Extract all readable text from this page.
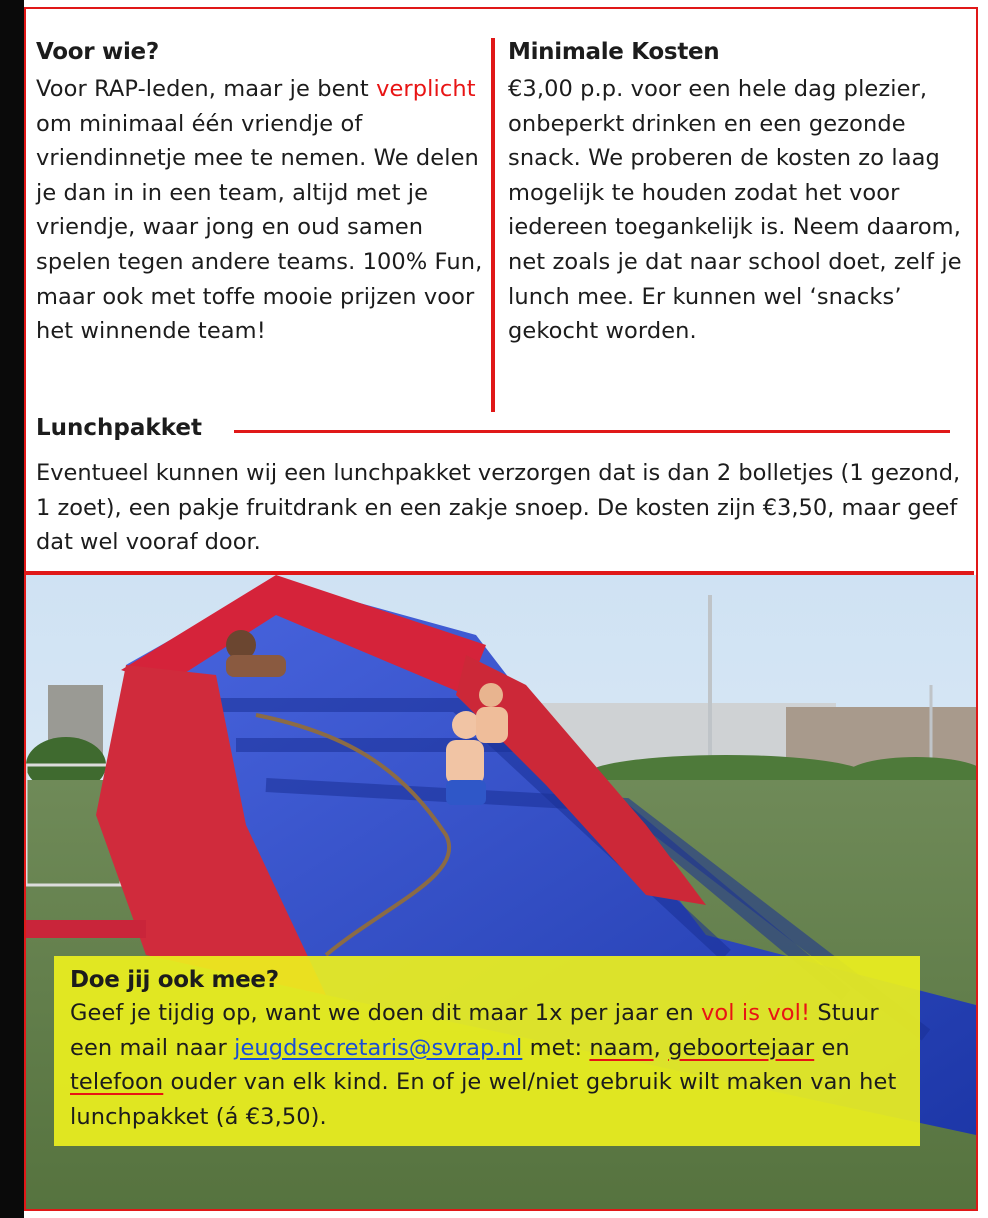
Voor wie?

Voor RAP-leden, maar je bent verplicht om minimaal één vriendje of vriendinnetje mee te nemen. We delen je dan in in een team, altijd met je vriendje, waar jong en oud samen spelen tegen andere teams. 100% Fun, maar ook met toffe mooie prijzen voor het winnende team!

Minimale Kosten

€3,00 p.p. voor een hele dag plezier, onbeperkt drinken en een gezonde snack. We proberen de kosten zo laag mogelijk te houden zodat het voor iedereen toegankelijk is. Neem daarom, net zoals je dat naar school doet, zelf je lunch mee. Er kunnen wel ‘snacks’ gekocht worden.

Lunchpakket

Eventueel kunnen wij een lunchpakket verzorgen dat is dan 2 bolletjes (1 gezond, 1 zoet), een pakje fruitdrank en een zakje snoep. De kosten zijn €3,50, maar geef dat wel vooraf door.

Doe jij ook mee?

Geef je tijdig op, want we doen dit maar 1x per jaar en vol is vol! Stuur een mail naar jeugdsecretaris@svrap.nl met: naam, geboortejaar en telefoon ouder van elk kind. En of je wel/niet gebruik wilt maken van het lunchpakket (á €3,50).
